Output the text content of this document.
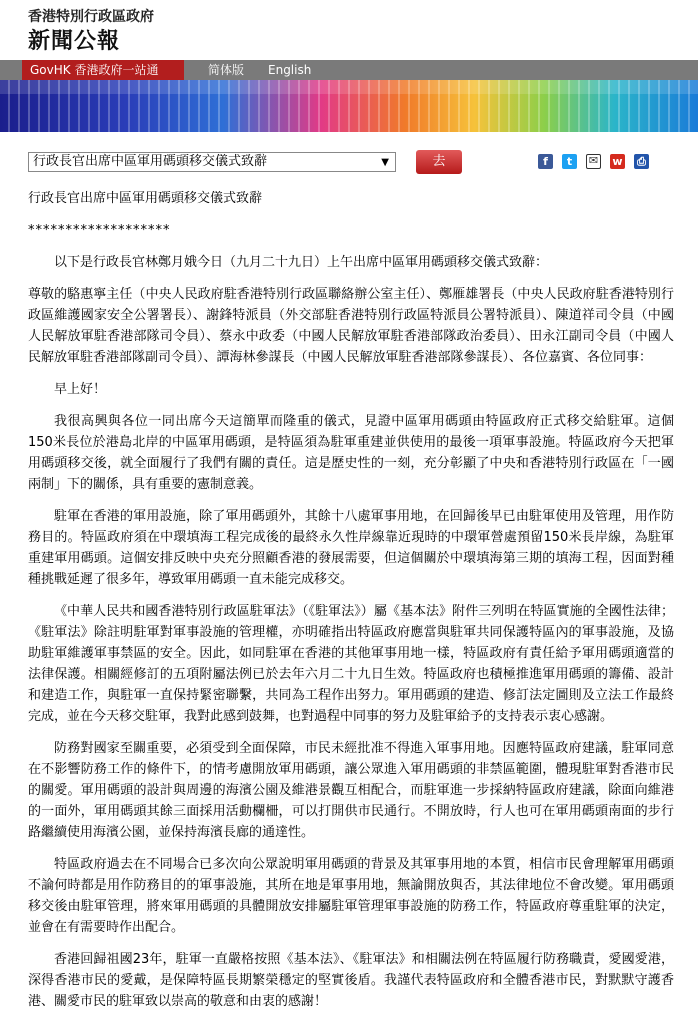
香港特別行政區政府
新聞公報
GovHK 香港政府一站通	简体版 English
行政長官出席中區軍用碼頭移交儀式致辭	▼	去	f	t	✉ w ⎙

行政長官出席中區軍用碼頭移交儀式致辭

*******************

以下是行政長官林鄭月娥今日（九月二十九日）上午出席中區軍用碼頭移交儀式致辭：

尊敬的駱惠寧主任（中央人民政府駐香港特別行政區聯絡辦公室主任）、鄭雁雄署長（中央人民政府駐香港特別行政區維護國家安全公署署長）、謝鋒特派員（外交部駐香港特別行政區特派員公署特派員）、陳道祥司令員（中國人民解放軍駐香港部隊司令員）、蔡永中政委（中國人民解放軍駐香港部隊政治委員）、田永江副司令員（中國人民解放軍駐香港部隊副司令員）、譚海林參謀長（中國人民解放軍駐香港部隊參謀長）、各位嘉賓、各位同事：

早上好！

我很高興與各位一同出席今天這簡單而隆重的儀式，見證中區軍用碼頭由特區政府正式移交給駐軍。這個150米長位於港島北岸的中區軍用碼頭，是特區須為駐軍重建並供使用的最後一項軍事設施。特區政府今天把軍用碼頭移交後，就全面履行了我們有關的責任。這是歷史性的一刻，充分彰顯了中央和香港特別行政區在「一國兩制」下的關係，具有重要的憲制意義。

駐軍在香港的軍用設施，除了軍用碼頭外，其餘十八處軍事用地，在回歸後早已由駐軍使用及管理，用作防務目的。特區政府須在中環填海工程完成後的最終永久性岸線靠近現時的中環軍營處預留150米長岸線，為駐軍重建軍用碼頭。這個安排反映中央充分照顧香港的發展需要，但這個關於中環填海第三期的填海工程，因面對種種挑戰延遲了很多年，導致軍用碼頭一直未能完成移交。

《中華人民共和國香港特別行政區駐軍法》（《駐軍法》）屬《基本法》附件三列明在特區實施的全國性法律；《駐軍法》除註明駐軍對軍事設施的管理權，亦明確指出特區政府應當與駐軍共同保護特區內的軍事設施，及協助駐軍維護軍事禁區的安全。因此，如同駐軍在香港的其他軍事用地一樣，特區政府有責任給予軍用碼頭適當的法律保護。相關經修訂的五項附屬法例已於去年六月二十九日生效。特區政府也積極推進軍用碼頭的籌備、設計和建造工作，與駐軍一直保持緊密聯繫，共同為工程作出努力。軍用碼頭的建造、修訂法定圖則及立法工作最終完成，並在今天移交駐軍，我對此感到鼓舞，也對過程中同事的努力及駐軍給予的支持表示衷心感謝。

防務對國家至關重要，必須受到全面保障，市民未經批准不得進入軍事用地。因應特區政府建議，駐軍同意在不影響防務工作的條件下，的情考慮開放軍用碼頭，讓公眾進入軍用碼頭的非禁區範圍，體現駐軍對香港市民的關愛。軍用碼頭的設計與周邊的海濱公園及維港景觀互相配合，而駐軍進一步採納特區政府建議，除面向維港的一面外，軍用碼頭其餘三面採用活動欄柵，可以打開供市民通行。不開放時，行人也可在軍用碼頭南面的步行路繼續使用海濱公園，並保持海濱長廊的通達性。

特區政府過去在不同場合已多次向公眾說明軍用碼頭的背景及其軍事用地的本質，相信市民會理解軍用碼頭不論何時都是用作防務目的的軍事設施，其所在地是軍事用地，無論開放與否，其法律地位不會改變。軍用碼頭移交後由駐軍管理，將來軍用碼頭的具體開放安排屬駐軍管理軍事設施的防務工作，特區政府尊重駐軍的決定，並會在有需要時作出配合。

香港回歸祖國23年，駐軍一直嚴格按照《基本法》、《駐軍法》和相關法例在特區履行防務職責，愛國愛港，深得香港市民的愛戴，是保障特區長期繁榮穩定的堅實後盾。我謹代表特區政府和全體香港市民，對默默守護香港、關愛市民的駐軍致以崇高的敬意和由衷的感謝！
